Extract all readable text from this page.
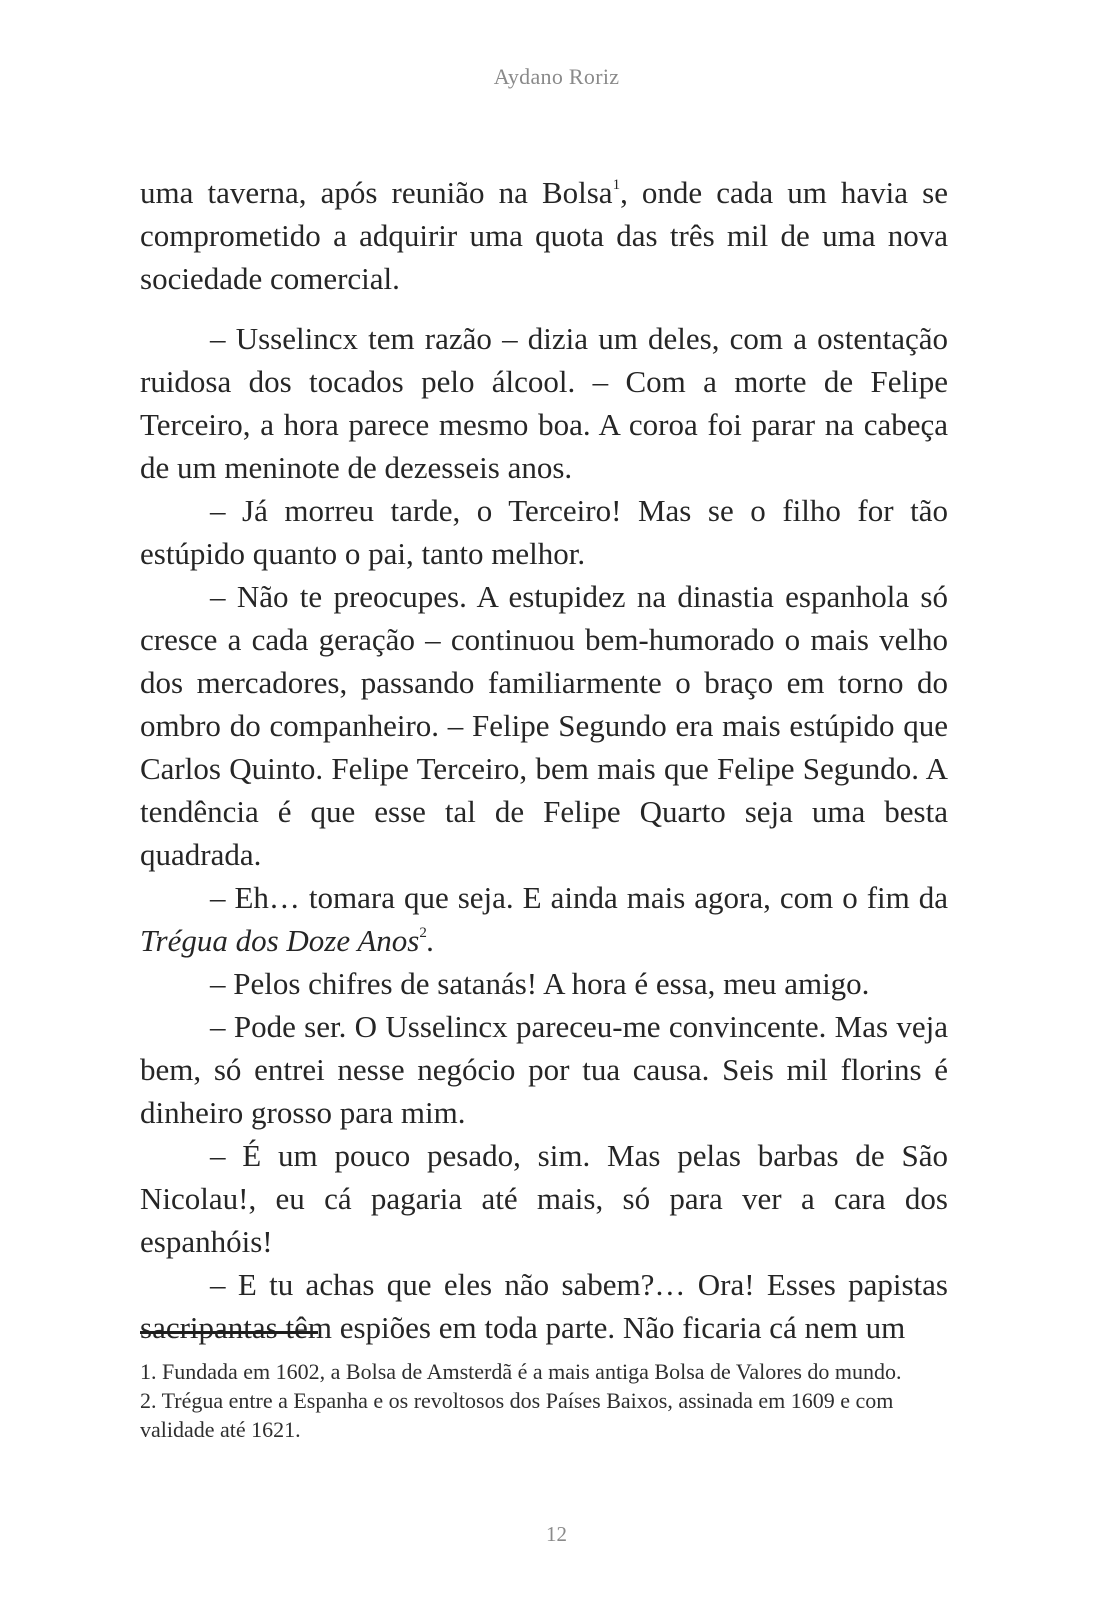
Aydano Roriz

uma taverna, após reunião na Bolsa$^1$, onde cada um havia se comprometido a adquirir uma quota das três mil de uma nova sociedade comercial.

– Usselincx tem razão – dizia um deles, com a ostentação ruidosa dos tocados pelo álcool. – Com a morte de Felipe Terceiro, a hora parece mesmo boa. A coroa foi parar na cabeça de um meninote de dezesseis anos.

– Já morreu tarde, o Terceiro! Mas se o filho for tão estúpido quanto o pai, tanto melhor.

– Não te preocupes. A estupidez na dinastia espanhola só cresce a cada geração – continuou bem-humorado o mais velho dos mercadores, passando familiarmente o braço em torno do ombro do companheiro. – Felipe Segundo era mais estúpido que Carlos Quinto. Felipe Terceiro, bem mais que Felipe Segundo. A tendência é que esse tal de Felipe Quarto seja uma besta quadrada.

– Eh… tomara que seja. E ainda mais agora, com o fim da Trégua dos Doze Anos$^2$.

– Pelos chifres de satanás! A hora é essa, meu amigo.

– Pode ser. O Usselincx pareceu-me convincente. Mas veja bem, só entrei nesse negócio por tua causa. Seis mil florins é dinheiro grosso para mim.

– É um pouco pesado, sim. Mas pelas barbas de São Nicolau!, eu cá pagaria até mais, só para ver a cara dos espanhóis!

– E tu achas que eles não sabem?… Ora! Esses papistas sacripantas têm espiões em toda parte. Não ficaria cá nem um

1. Fundada em 1602, a Bolsa de Amsterdã é a mais antiga Bolsa de Valores do mundo.

2. Trégua entre a Espanha e os revoltosos dos Países Baixos, assinada em 1609 e com validade até 1621.

12
